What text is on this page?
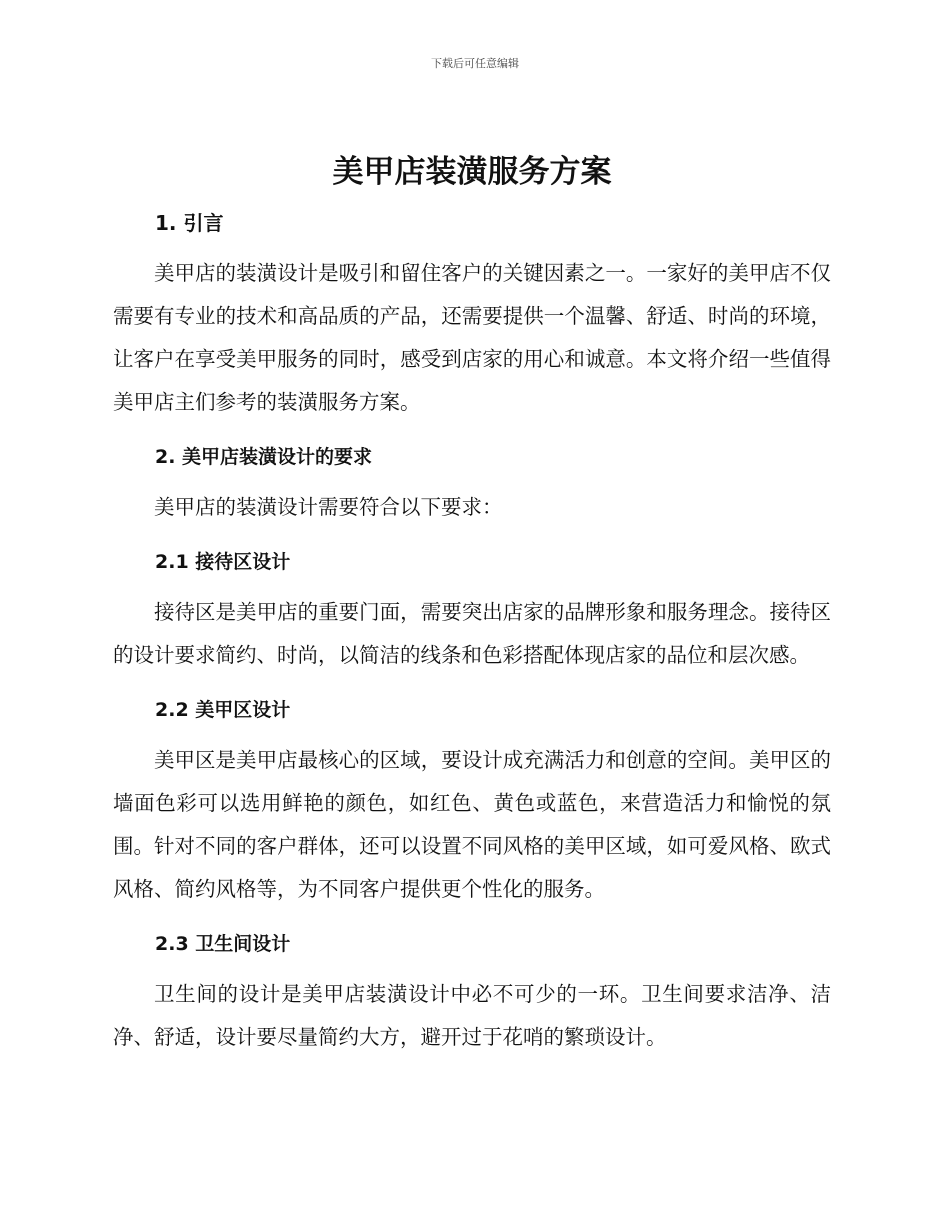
下载后可任意编辑
美甲店装潢服务方案
1. 引言

美甲店的装潢设计是吸引和留住客户的关键因素之一。一家好的美甲店不仅需要有专业的技术和高品质的产品，还需要提供一个温馨、舒适、时尚的环境，让客户在享受美甲服务的同时，感受到店家的用心和诚意。本文将介绍一些值得美甲店主们参考的装潢服务方案。

2. 美甲店装潢设计的要求

美甲店的装潢设计需要符合以下要求：

2.1 接待区设计

接待区是美甲店的重要门面，需要突出店家的品牌形象和服务理念。接待区的设计要求简约、时尚，以简洁的线条和色彩搭配体现店家的品位和层次感。

2.2 美甲区设计

美甲区是美甲店最核心的区域，要设计成充满活力和创意的空间。美甲区的墙面色彩可以选用鲜艳的颜色，如红色、黄色或蓝色，来营造活力和愉悦的氛围。针对不同的客户群体，还可以设置不同风格的美甲区域，如可爱风格、欧式风格、简约风格等，为不同客户提供更个性化的服务。

2.3 卫生间设计

卫生间的设计是美甲店装潢设计中必不可少的一环。卫生间要求洁净、洁净、舒适，设计要尽量简约大方，避开过于花哨的繁琐设计。
